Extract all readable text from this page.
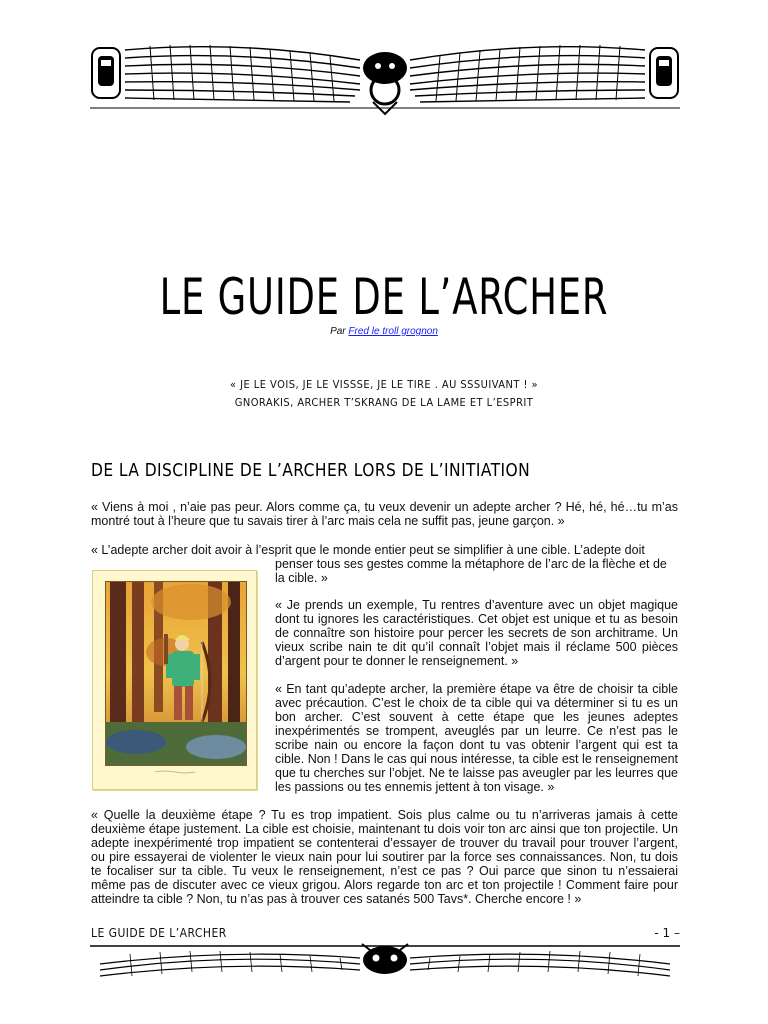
LE GUIDE DE L’ARCHER
Par Fred le troll grognon
« JE LE VOIS, JE LE VISSSE, JE LE TIRE . AU SSSUIVANT ! »
GNORAKIS, ARCHER T’SKRANG DE LA LAME ET L’ESPRIT
DE LA DISCIPLINE DE L’ARCHER LORS DE L’INITIATION
« Viens à moi , n’aie pas peur. Alors comme ça, tu veux devenir un adepte archer ? Hé, hé, hé…tu m’as montré tout à l’heure que tu savais tirer à l’arc mais cela ne suffit pas, jeune garçon. »
« L’adepte archer doit avoir à l’esprit que le monde entier peut se simplifier à une cible. L’adepte doit
penser tous ses gestes comme la métaphore de l’arc de la flèche et de la cible. »
« Je prends un exemple, Tu rentres d’aventure avec un objet magique dont tu ignores les caractéristiques. Cet objet est unique et tu as besoin de connaître son histoire pour percer les secrets de son architrame. Un vieux scribe nain te dit qu’il connaît l’objet mais il réclame 500 pièces d’argent pour te donner le renseignement. »
« En tant qu’adepte archer, la première étape va être de choisir ta cible avec précaution. C’est le choix de ta cible qui va déterminer si tu es un bon archer. C’est souvent à cette étape que les jeunes adeptes inexpérimentés se trompent, aveuglés par un leurre. Ce n’est pas le scribe nain ou encore la façon dont tu vas obtenir l’argent qui est ta cible. Non ! Dans le cas qui nous intéresse, ta cible est le renseignement que tu cherches sur l’objet. Ne te laisse pas aveugler par les leurres que les passions ou tes ennemis jettent à ton visage. »
« Quelle la deuxième étape ? Tu es trop impatient. Sois plus calme ou tu n’arriveras jamais à cette deuxième étape justement. La cible est choisie, maintenant tu dois voir ton arc ainsi que ton projectile. Un adepte inexpérimenté trop impatient se contenterai d’essayer de trouver du travail pour trouver l’argent, ou pire essayerai de violenter le vieux nain pour lui soutirer par la force ses connaissances. Non, tu dois te focaliser sur ta cible. Tu veux le renseignement, n’est ce pas ? Oui parce que sinon tu n’essaierai même pas de discuter avec ce vieux grigou. Alors regarde ton arc et ton projectile ! Comment faire pour atteindre ta cible ? Non, tu n’as pas à trouver ces satanés 500 Tavs*. Cherche encore ! »
LE GUIDE DE L’ARCHER	- 1 –
